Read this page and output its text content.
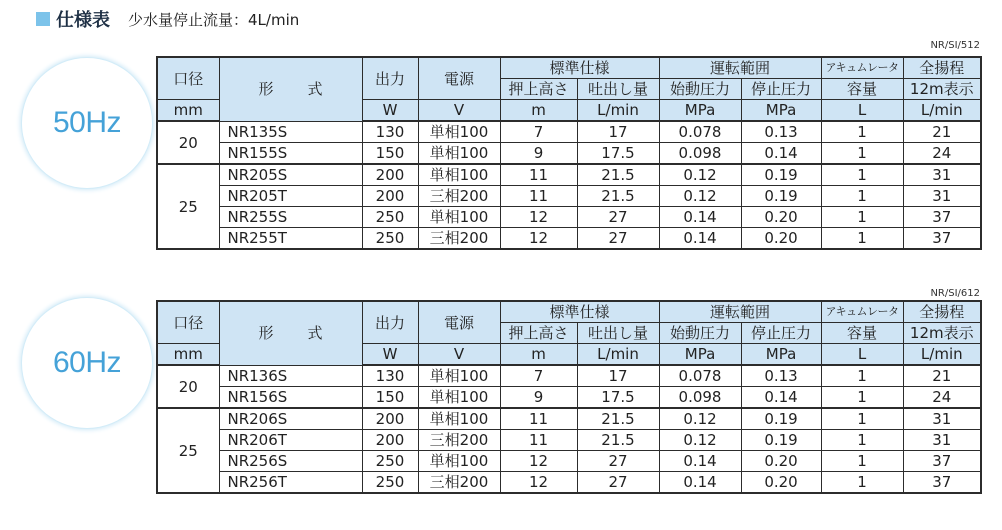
仕様表 少水量停止流量：4L/min
NR/SI/512
50Hz
口径	形 式	出力	電源	標準仕様		運転範囲		アキュムレータ	全揚程
				押上高さ	吐出し量	始動圧力	停止圧力	容量	12m表示
mm		W	V	m	L/min	MPa	MPa	L	L/min
20	NR135S	130	単相100	7	17	0.078	0.13	1	21
	NR155S	150	単相100	9	17.5	0.098	0.14	1	24
25	NR205S	200	単相100	11	21.5	0.12	0.19	1	31
	NR205T	200	三相200	11	21.5	0.12	0.19	1	31
	NR255S	250	単相100	12	27	0.14	0.20	1	37
	NR255T	250	三相200	12	27	0.14	0.20	1	37
NR/SI/612
60Hz
口径	形 式	出力	電源	標準仕様		運転範囲		アキュムレータ	全揚程
				押上高さ	吐出し量	始動圧力	停止圧力	容量	12m表示
mm		W	V	m	L/min	MPa	MPa	L	L/min
20	NR136S	130	単相100	7	17	0.078	0.13	1	21
	NR156S	150	単相100	9	17.5	0.098	0.14	1	24
25	NR206S	200	単相100	11	21.5	0.12	0.19	1	31
	NR206T	200	三相200	11	21.5	0.12	0.19	1	31
	NR256S	250	単相100	12	27	0.14	0.20	1	37
	NR256T	250	三相200	12	27	0.14	0.20	1	37
